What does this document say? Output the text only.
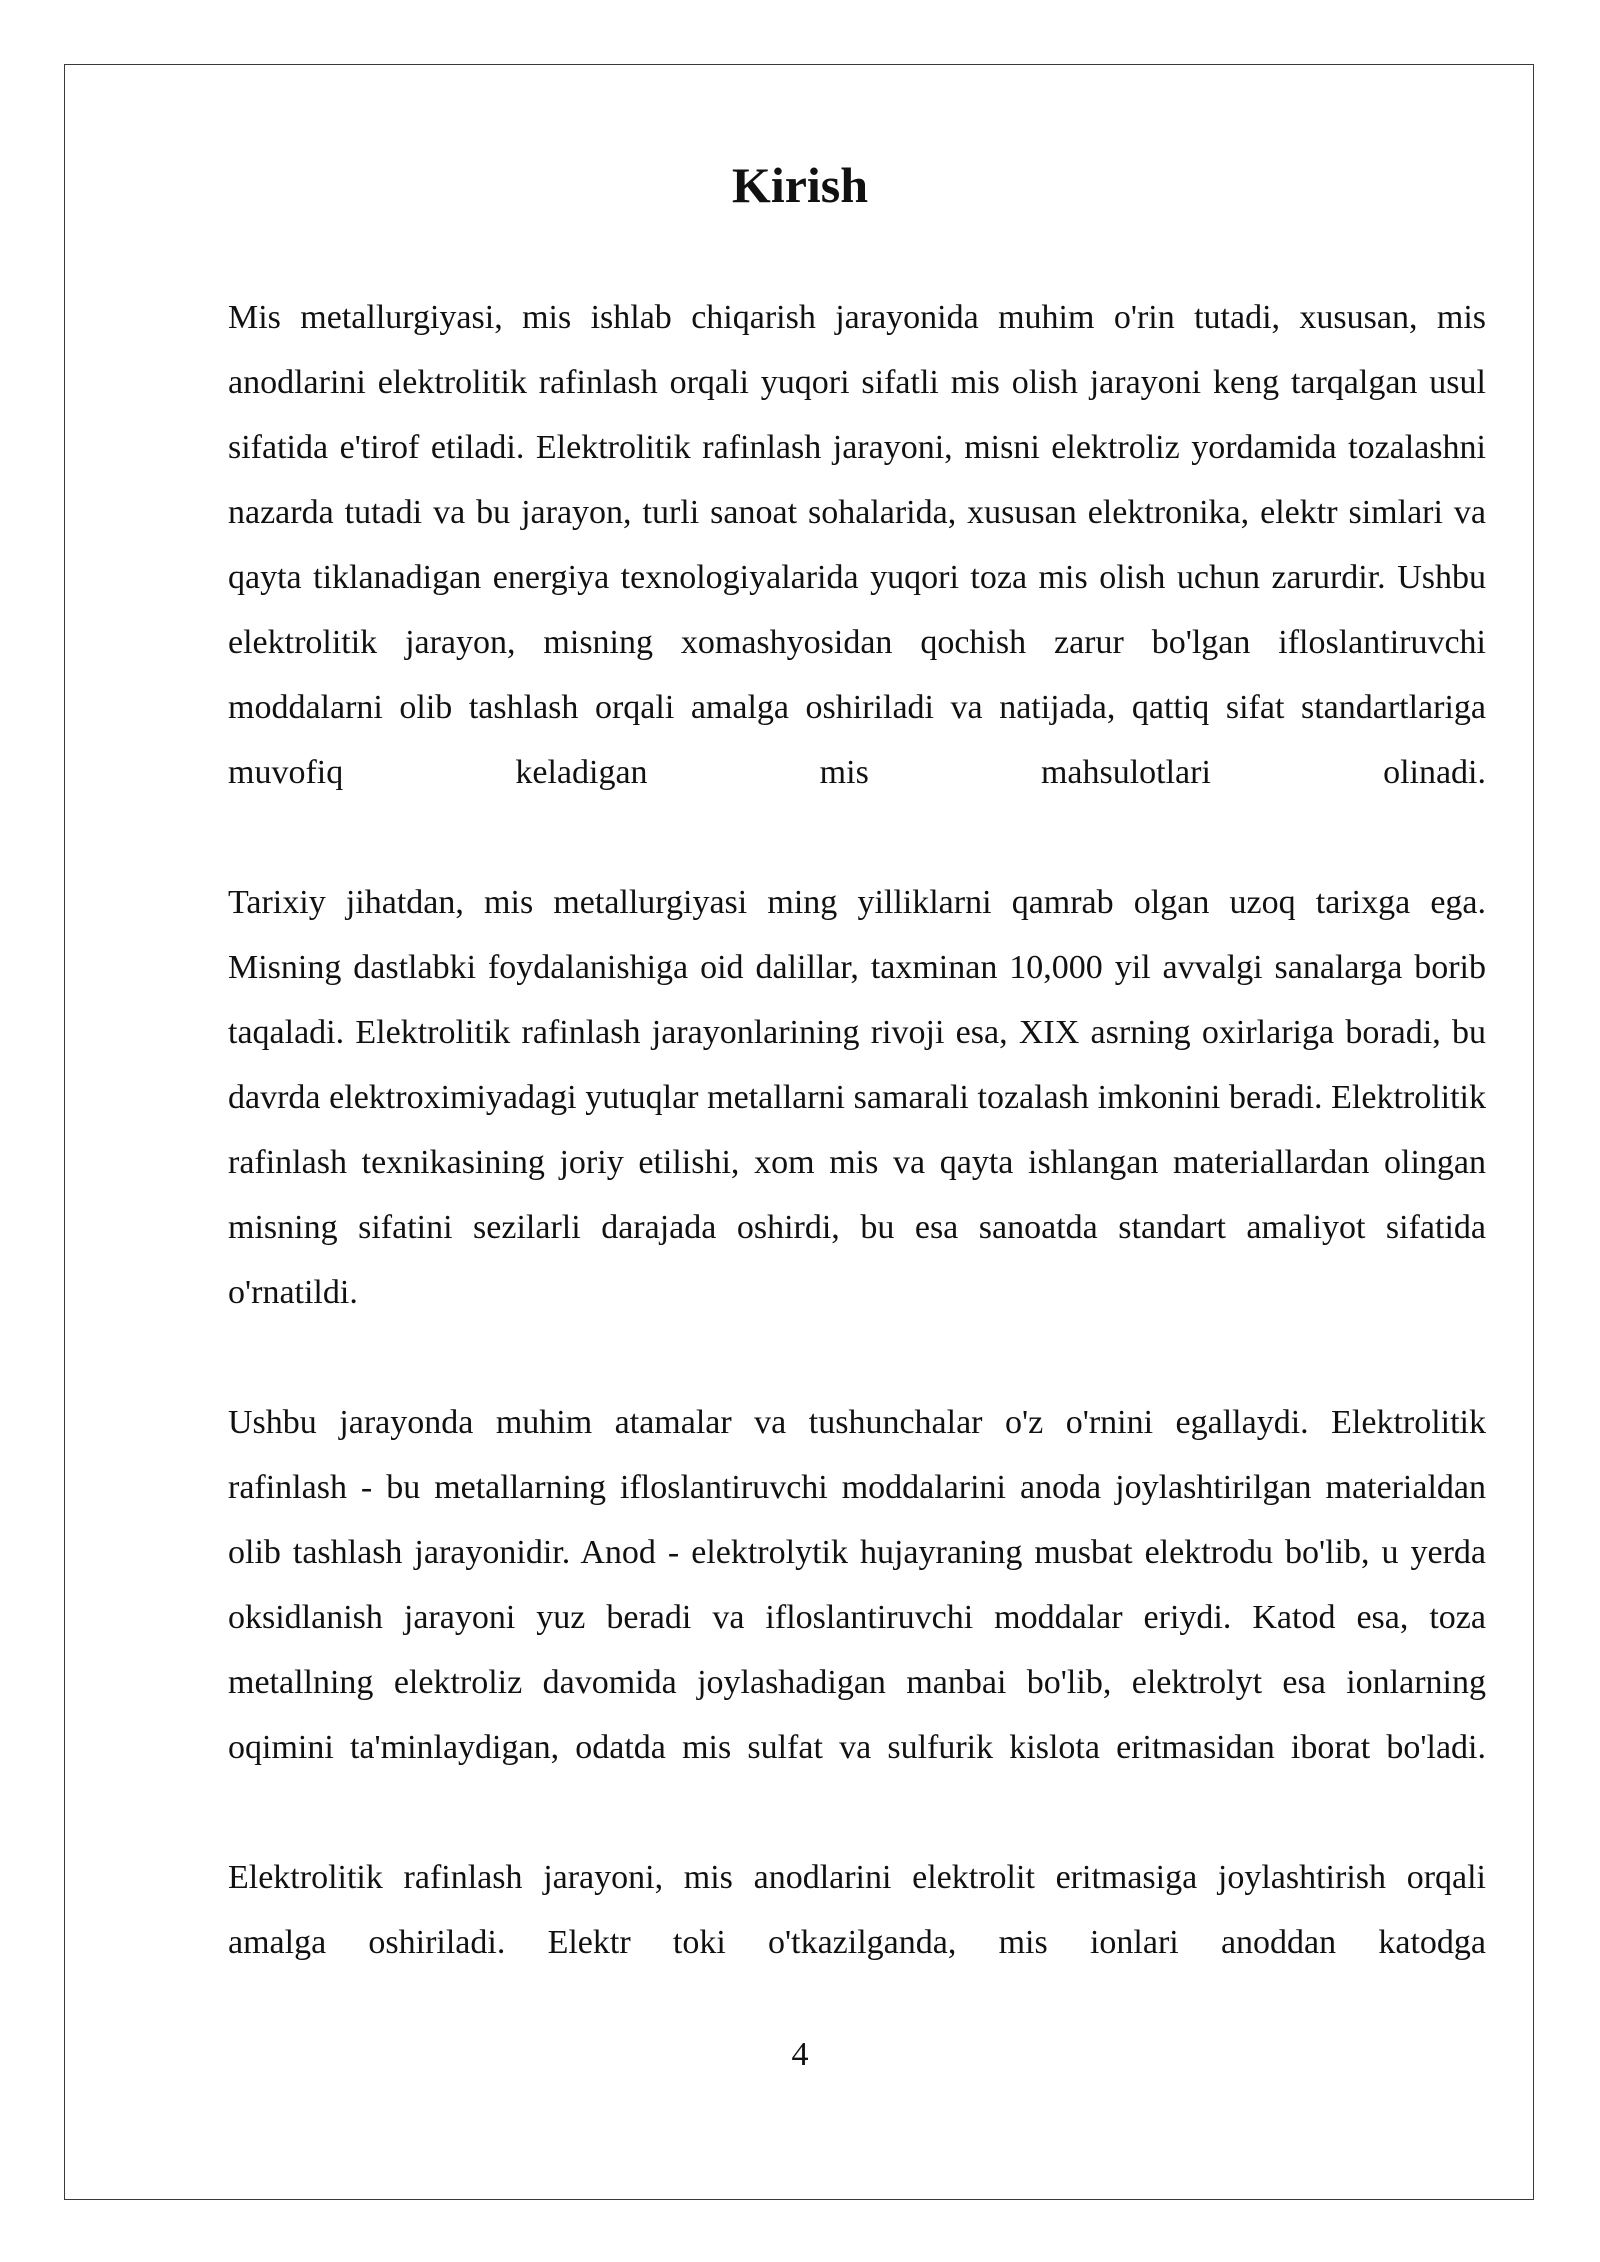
Kirish

Mis metallurgiyasi, mis ishlab chiqarish jarayonida muhim o'rin tutadi, xususan, mis anodlarini elektrolitik rafinlash orqali yuqori sifatli mis olish jarayoni keng tarqalgan usul sifatida e'tirof etiladi. Elektrolitik rafinlash jarayoni, misni elektroliz yordamida tozalashni nazarda tutadi va bu jarayon, turli sanoat sohalarida, xususan elektronika, elektr simlari va qayta tiklanadigan energiya texnologiyalarida yuqori toza mis olish uchun zarurdir. Ushbu elektrolitik jarayon, misning xomashyosidan qochish zarur bo'lgan ifloslantiruvchi moddalarni olib tashlash orqali amalga oshiriladi va natijada, qattiq sifat standartlariga muvofiq keladigan mis mahsulotlari olinadi.

Tarixiy jihatdan, mis metallurgiyasi ming yilliklarni qamrab olgan uzoq tarixga ega. Misning dastlabki foydalanishiga oid dalillar, taxminan 10,000 yil avvalgi sanalarga borib taqaladi. Elektrolitik rafinlash jarayonlarining rivoji esa, XIX asrning oxirlariga boradi, bu davrda elektroximiyadagi yutuqlar metallarni samarali tozalash imkonini beradi. Elektrolitik rafinlash texnikasining joriy etilishi, xom mis va qayta ishlangan materiallardan olingan misning sifatini sezilarli darajada oshirdi, bu esa sanoatda standart amaliyot sifatida o'rnatildi.

Ushbu jarayonda muhim atamalar va tushunchalar o'z o'rnini egallaydi. Elektrolitik rafinlash - bu metallarning ifloslantiruvchi moddalarini anoda joylashtirilgan materialdan olib tashlash jarayonidir. Anod - elektrolytik hujayraning musbat elektrodu bo'lib, u yerda oksidlanish jarayoni yuz beradi va ifloslantiruvchi moddalar eriydi. Katod esa, toza metallning elektroliz davomida joylashadigan manbai bo'lib, elektrolyt esa ionlarning oqimini ta'minlaydigan, odatda mis sulfat va sulfurik kislota eritmasidan iborat bo'ladi.

Elektrolitik rafinlash jarayoni, mis anodlarini elektrolit eritmasiga joylashtirish orqali amalga oshiriladi. Elektr toki o'tkazilganda, mis ionlari anoddan katodga

4
